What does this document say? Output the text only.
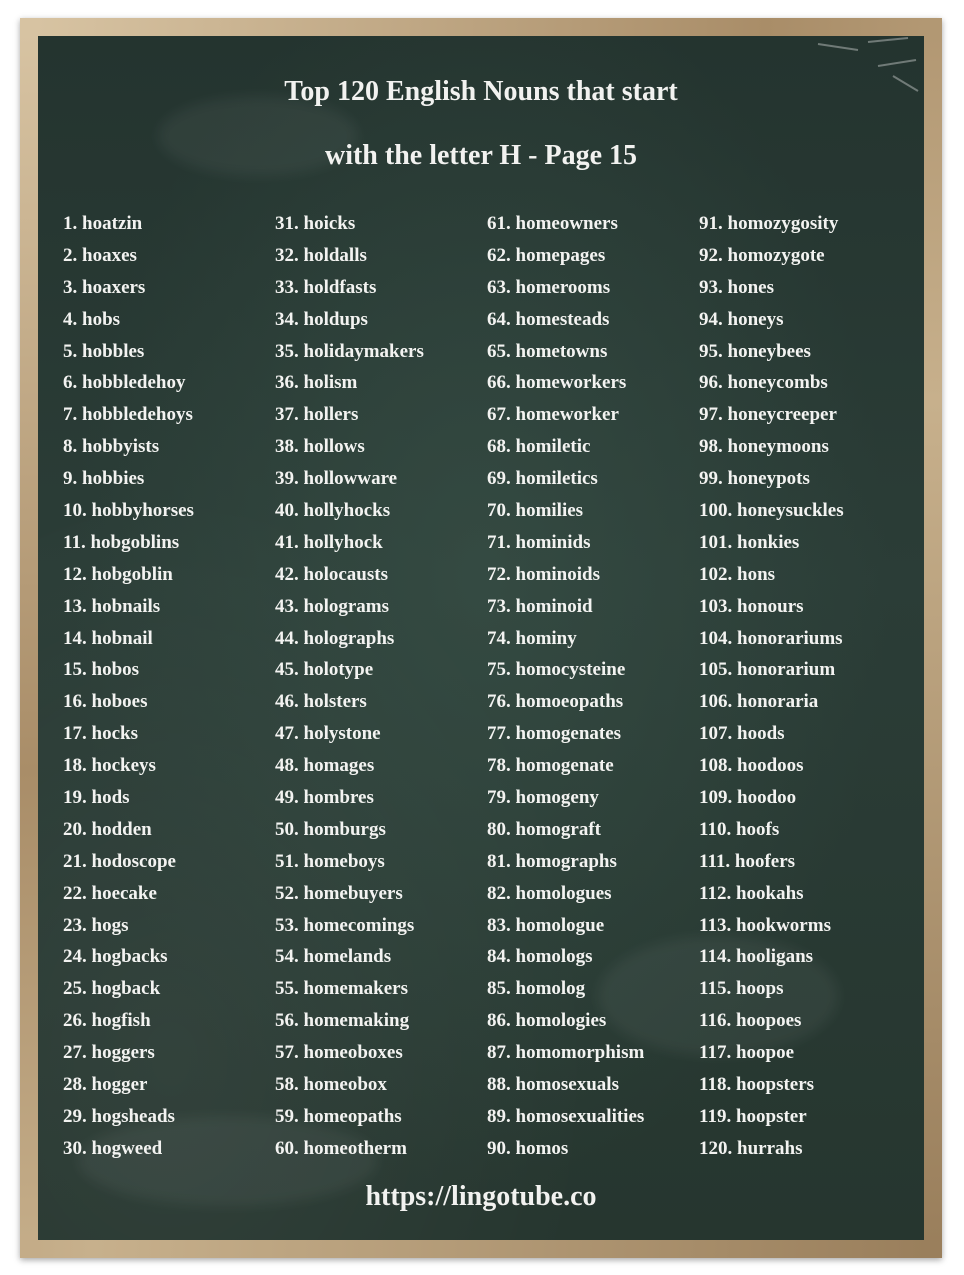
Top 120 English Nouns that start
with the letter H - Page 15
1. hoatzin
2. hoaxes
3. hoaxers
4. hobs
5. hobbles
6. hobbledehoy
7. hobbledehoys
8. hobbyists
9. hobbies
10. hobbyhorses
11. hobgoblins
12. hobgoblin
13. hobnails
14. hobnail
15. hobos
16. hoboes
17. hocks
18. hockeys
19. hods
20. hodden
21. hodoscope
22. hoecake
23. hogs
24. hogbacks
25. hogback
26. hogfish
27. hoggers
28. hogger
29. hogsheads
30. hogweed
31. hoicks
32. holdalls
33. holdfasts
34. holdups
35. holidaymakers
36. holism
37. hollers
38. hollows
39. hollowware
40. hollyhocks
41. hollyhock
42. holocausts
43. holograms
44. holographs
45. holotype
46. holsters
47. holystone
48. homages
49. hombres
50. homburgs
51. homeboys
52. homebuyers
53. homecomings
54. homelands
55. homemakers
56. homemaking
57. homeoboxes
58. homeobox
59. homeopaths
60. homeotherm
61. homeowners
62. homepages
63. homerooms
64. homesteads
65. hometowns
66. homeworkers
67. homeworker
68. homiletic
69. homiletics
70. homilies
71. hominids
72. hominoids
73. hominoid
74. hominy
75. homocysteine
76. homoeopaths
77. homogenates
78. homogenate
79. homogeny
80. homograft
81. homographs
82. homologues
83. homologue
84. homologs
85. homolog
86. homologies
87. homomorphism
88. homosexuals
89. homosexualities
90. homos
91. homozygosity
92. homozygote
93. hones
94. honeys
95. honeybees
96. honeycombs
97. honeycreeper
98. honeymoons
99. honeypots
100. honeysuckles
101. honkies
102. hons
103. honours
104. honorariums
105. honorarium
106. honoraria
107. hoods
108. hoodoos
109. hoodoo
110. hoofs
111. hoofers
112. hookahs
113. hookworms
114. hooligans
115. hoops
116. hoopoes
117. hoopoe
118. hoopsters
119. hoopster
120. hurrahs
https://lingotube.co
